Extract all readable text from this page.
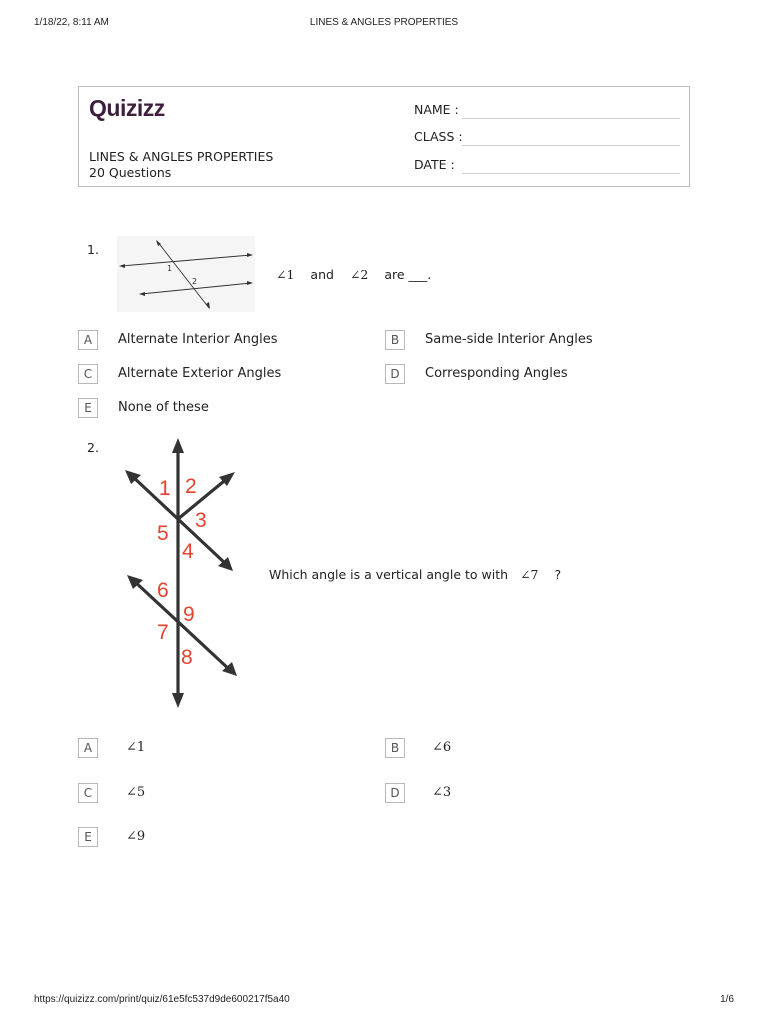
1/18/22, 8:11 AM	LINES & ANGLES PROPERTIES
https://quizizz.com/print/quiz/61e5fc537d9de600217f5a40	1/6
Quizizz
LINES & ANGLES PROPERTIES
20 Questions
NAME :
CLASS :
DATE :
1.
1
2	∠1 and ∠2 are ___.
A	Alternate Interior Angles	B	Same-side Interior Angles
C	Alternate Exterior Angles	D	Corresponding Angles
E	None of these
2.
1 2
3
4
5
6
7
8
9
Which angle is a vertical angle to with ∠7 ?
A	∠1	B	∠6
C	∠5	D	∠3
E	∠9
